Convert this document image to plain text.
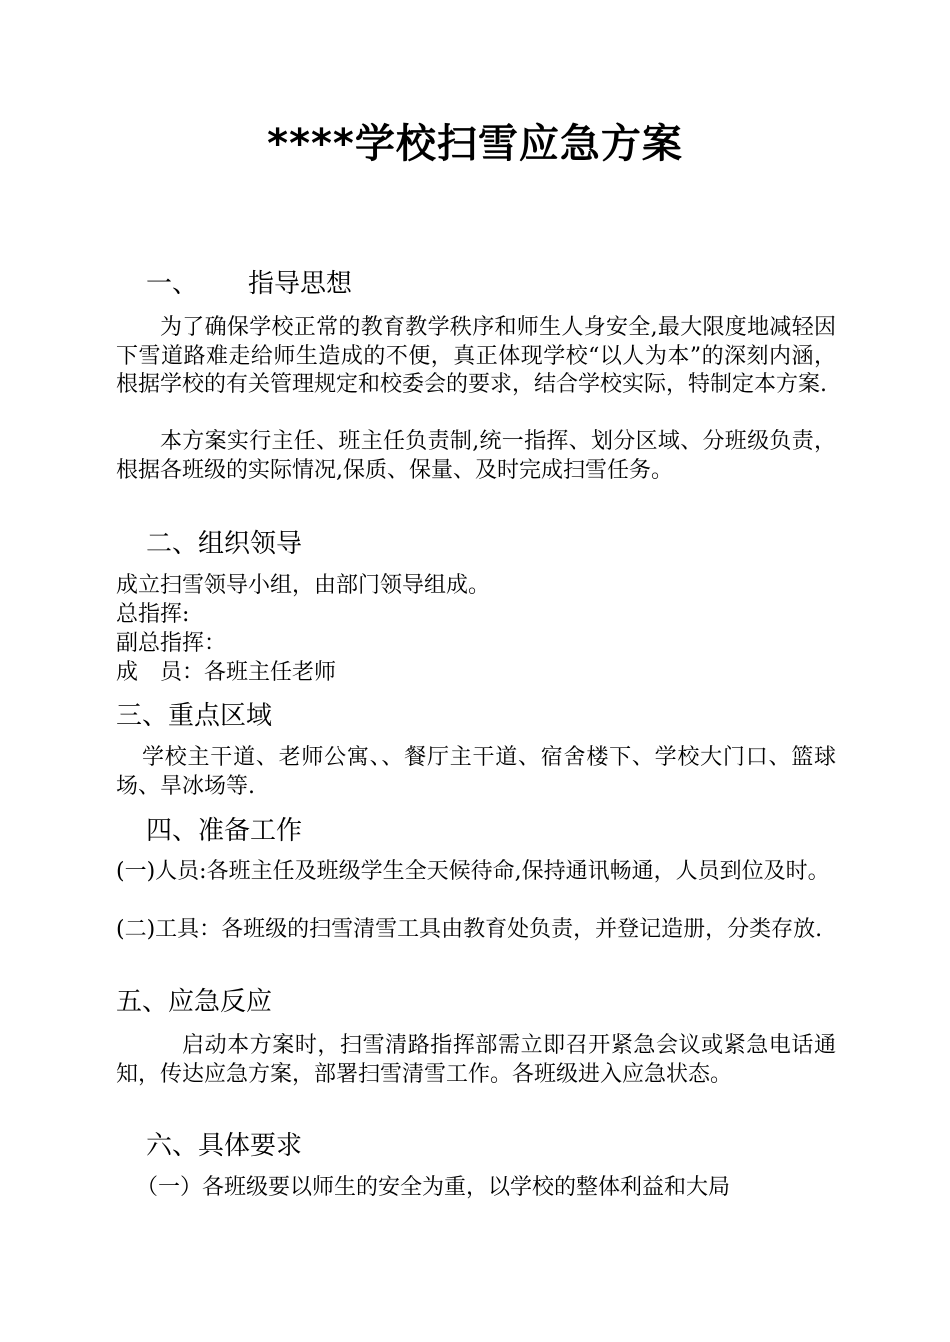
****学校扫雪应急方案
一、 指导思想
为了确保学校正常的教育教学秩序和师生人身安全,最大限度地减轻因下雪道路难走给师生造成的不便，真正体现学校“以人为本”的深刻内涵，根据学校的有关管理规定和校委会的要求，结合学校实际，特制定本方案.
本方案实行主任、班主任负责制,统一指挥、划分区域、分班级负责，根据各班级的实际情况,保质、保量、及时完成扫雪任务。
二、组织领导
成立扫雪领导小组，由部门领导组成。
总指挥:
副总指挥：
成　员：各班主任老师
三、重点区域
学校主干道、老师公寓、、餐厅主干道、宿舍楼下、学校大门口、篮球场、旱冰场等.
四、准备工作
(一)人员:各班主任及班级学生全天候待命,保持通讯畅通，人员到位及时。
(二)工具：各班级的扫雪清雪工具由教育处负责，并登记造册，分类存放.
五、应急反应
启动本方案时，扫雪清路指挥部需立即召开紧急会议或紧急电话通知，传达应急方案，部署扫雪清雪工作。各班级进入应急状态。
六、具体要求
（一）各班级要以师生的安全为重，以学校的整体利益和大局
